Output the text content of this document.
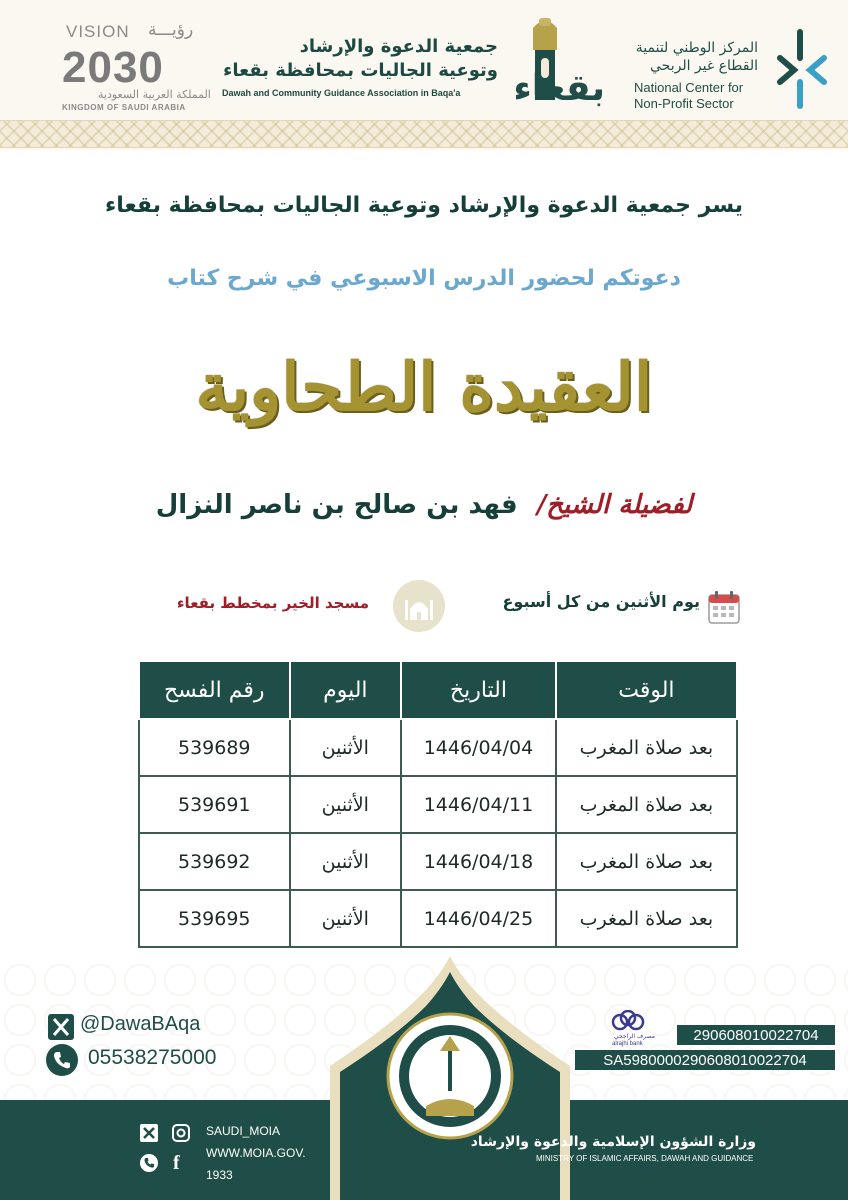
VISION رؤيـــة
2030
المملكة العربية السعودية
KINGDOM OF SAUDI ARABIA
جمعية الدعوة والإرشاد
وتوعية الجاليات بمحافظة بقعاء
Dawah and Community Guidance Association in Baqa'a بقعاء
المركز الوطني لتنمية
القطاع غير الربحي
National Center for
Non-Profit Sector
يسر جمعية الدعوة والإرشاد وتوعية الجاليات بمحافظة بقعاء
دعوتكم لحضور الدرس الاسبوعي في شرح كتاب
العقيدة الطحاوية
لفضيلة الشيخ/ فهد بن صالح بن ناصر النزال
يوم الأثنين من كل أسبوع
مسجد الخير بمخطط بقعاء
الوقت	التاريخ	اليوم	رقم الفسح
بعد صلاة المغرب	1446/04/04	الأثنين	539689
بعد صلاة المغرب	1446/04/11	الأثنين	539691
بعد صلاة المغرب	1446/04/18	الأثنين	539692
بعد صلاة المغرب	1446/04/25	الأثنين	539695
@DawaBAqa
05538275000
مصرف الراجحي
alrajhi bank	290608010022704
SA5980000290608010022704
f
SAUDI_MOIA
WWW.MOIA.GOV.
1933
وزارة الشؤون الإسلامية والدعوة والإرشاد
MINISTRY OF ISLAMIC AFFAIRS, DAWAH AND GUIDANCE
